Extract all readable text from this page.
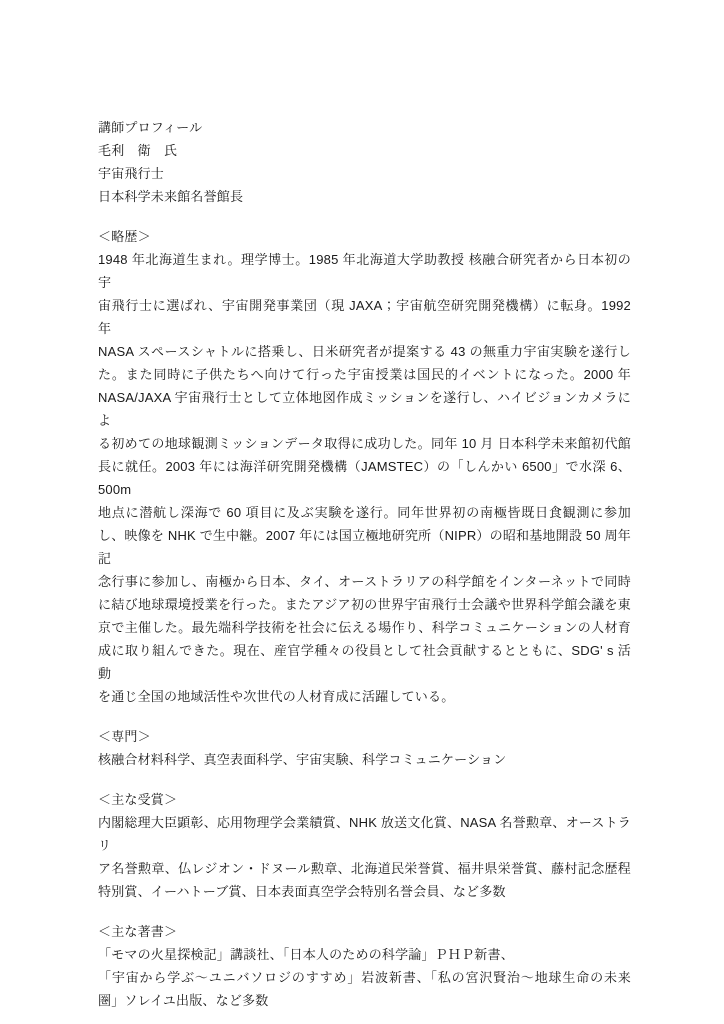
講師プロフィール
毛利　衛　氏
宇宙飛行士
日本科学未来館名誉館長
＜略歴＞
1948 年北海道生まれ。理学博士。1985 年北海道大学助教授 核融合研究者から日本初の宇
宙飛行士に選ばれ、宇宙開発事業団（現 JAXA；宇宙航空研究開発機構）に転身。1992 年
NASA スペースシャトルに搭乗し、日米研究者が提案する 43 の無重力宇宙実験を遂行し
た。また同時に子供たちへ向けて行った宇宙授業は国民的イベントになった。2000 年
NASA/JAXA 宇宙飛行士として立体地図作成ミッションを遂行し、ハイビジョンカメラによ
る初めての地球観測ミッションデータ取得に成功した。同年 10 月 日本科学未来館初代館
長に就任。2003 年には海洋研究開発機構（JAMSTEC）の「しんかい 6500」で水深 6、500m
地点に潜航し深海で 60 項目に及ぶ実験を遂行。同年世界初の南極皆既日食観測に参加
し、映像を NHK で生中継。2007 年には国立極地研究所（NIPR）の昭和基地開設 50 周年記
念行事に参加し、南極から日本、タイ、オーストラリアの科学館をインターネットで同時
に結び地球環境授業を行った。またアジア初の世界宇宙飛行士会議や世界科学館会議を東
京で主催した。最先端科学技術を社会に伝える場作り、科学コミュニケーションの人材育
成に取り組んできた。現在、産官学種々の役員として社会貢献するとともに、SDG' s 活動
を通じ全国の地域活性や次世代の人材育成に活躍している。
＜専門＞
核融合材料科学、真空表面科学、宇宙実験、科学コミュニケーション
＜主な受賞＞
内閣総理大臣顕彰、応用物理学会業績賞、NHK 放送文化賞、NASA 名誉勲章、オーストラリ
ア名誉勲章、仏レジオン・ドヌール勲章、北海道民栄誉賞、福井県栄誉賞、藤村記念歴程
特別賞、イーハトーブ賞、日本表面真空学会特別名誉会員、など多数
＜主な著書＞
「モマの火星探検記」講談社、「日本人のための科学論」ＰＨＰ新書、
「宇宙から学ぶ～ユニバソロジのすすめ」岩波新書、「私の宮沢賢治～地球生命の未来
圏」ソレイユ出版、など多数
